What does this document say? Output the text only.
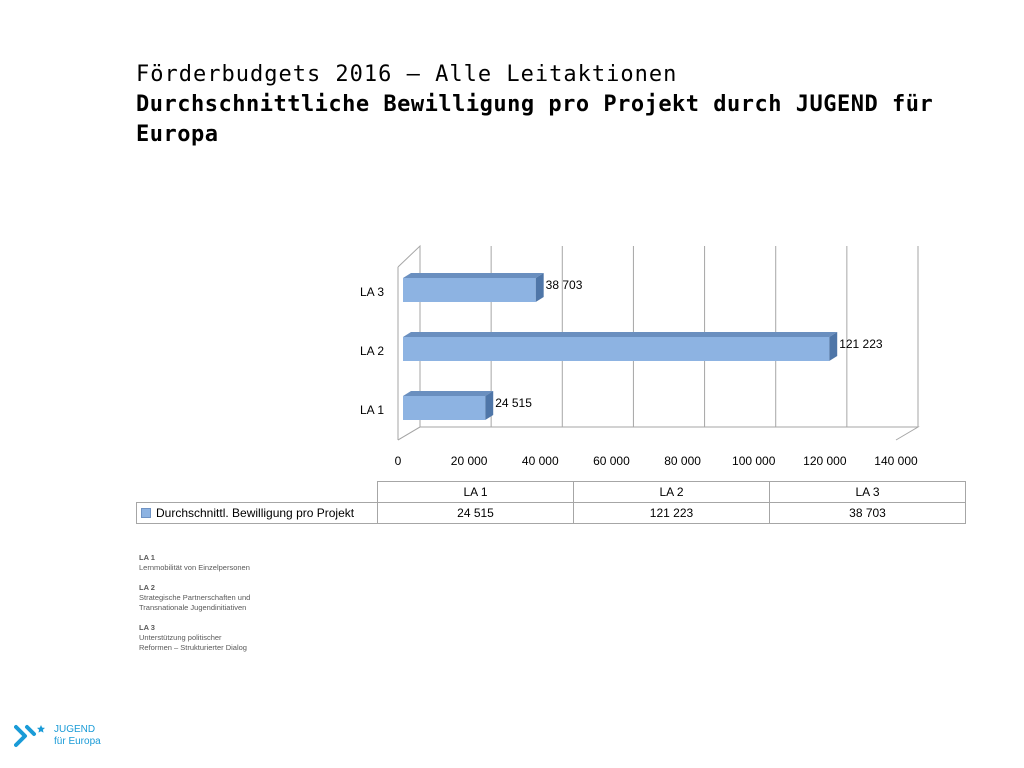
Förderbudgets 2016 – Alle Leitaktionen
Durchschnittliche Bewilligung pro Projekt durch JUGEND für Europa
0	20 000	40 000	60 000	80 000	100 000 120 000 140 000
LA 1	24 515
LA 2	121 223
LA 3	38 703
	LA 1	LA 2	LA 3
Durchschnittl. Bewilligung pro Projekt	24 515	121 223	38 703
LA 1
Lernmobilität von Einzelpersonen
LA 2
Strategische Partnerschaften und
Transnationale Jugendinitiativen
LA 3
Unterstützung politischer
Reformen – Strukturierter Dialog
JUGEND
für Europa
